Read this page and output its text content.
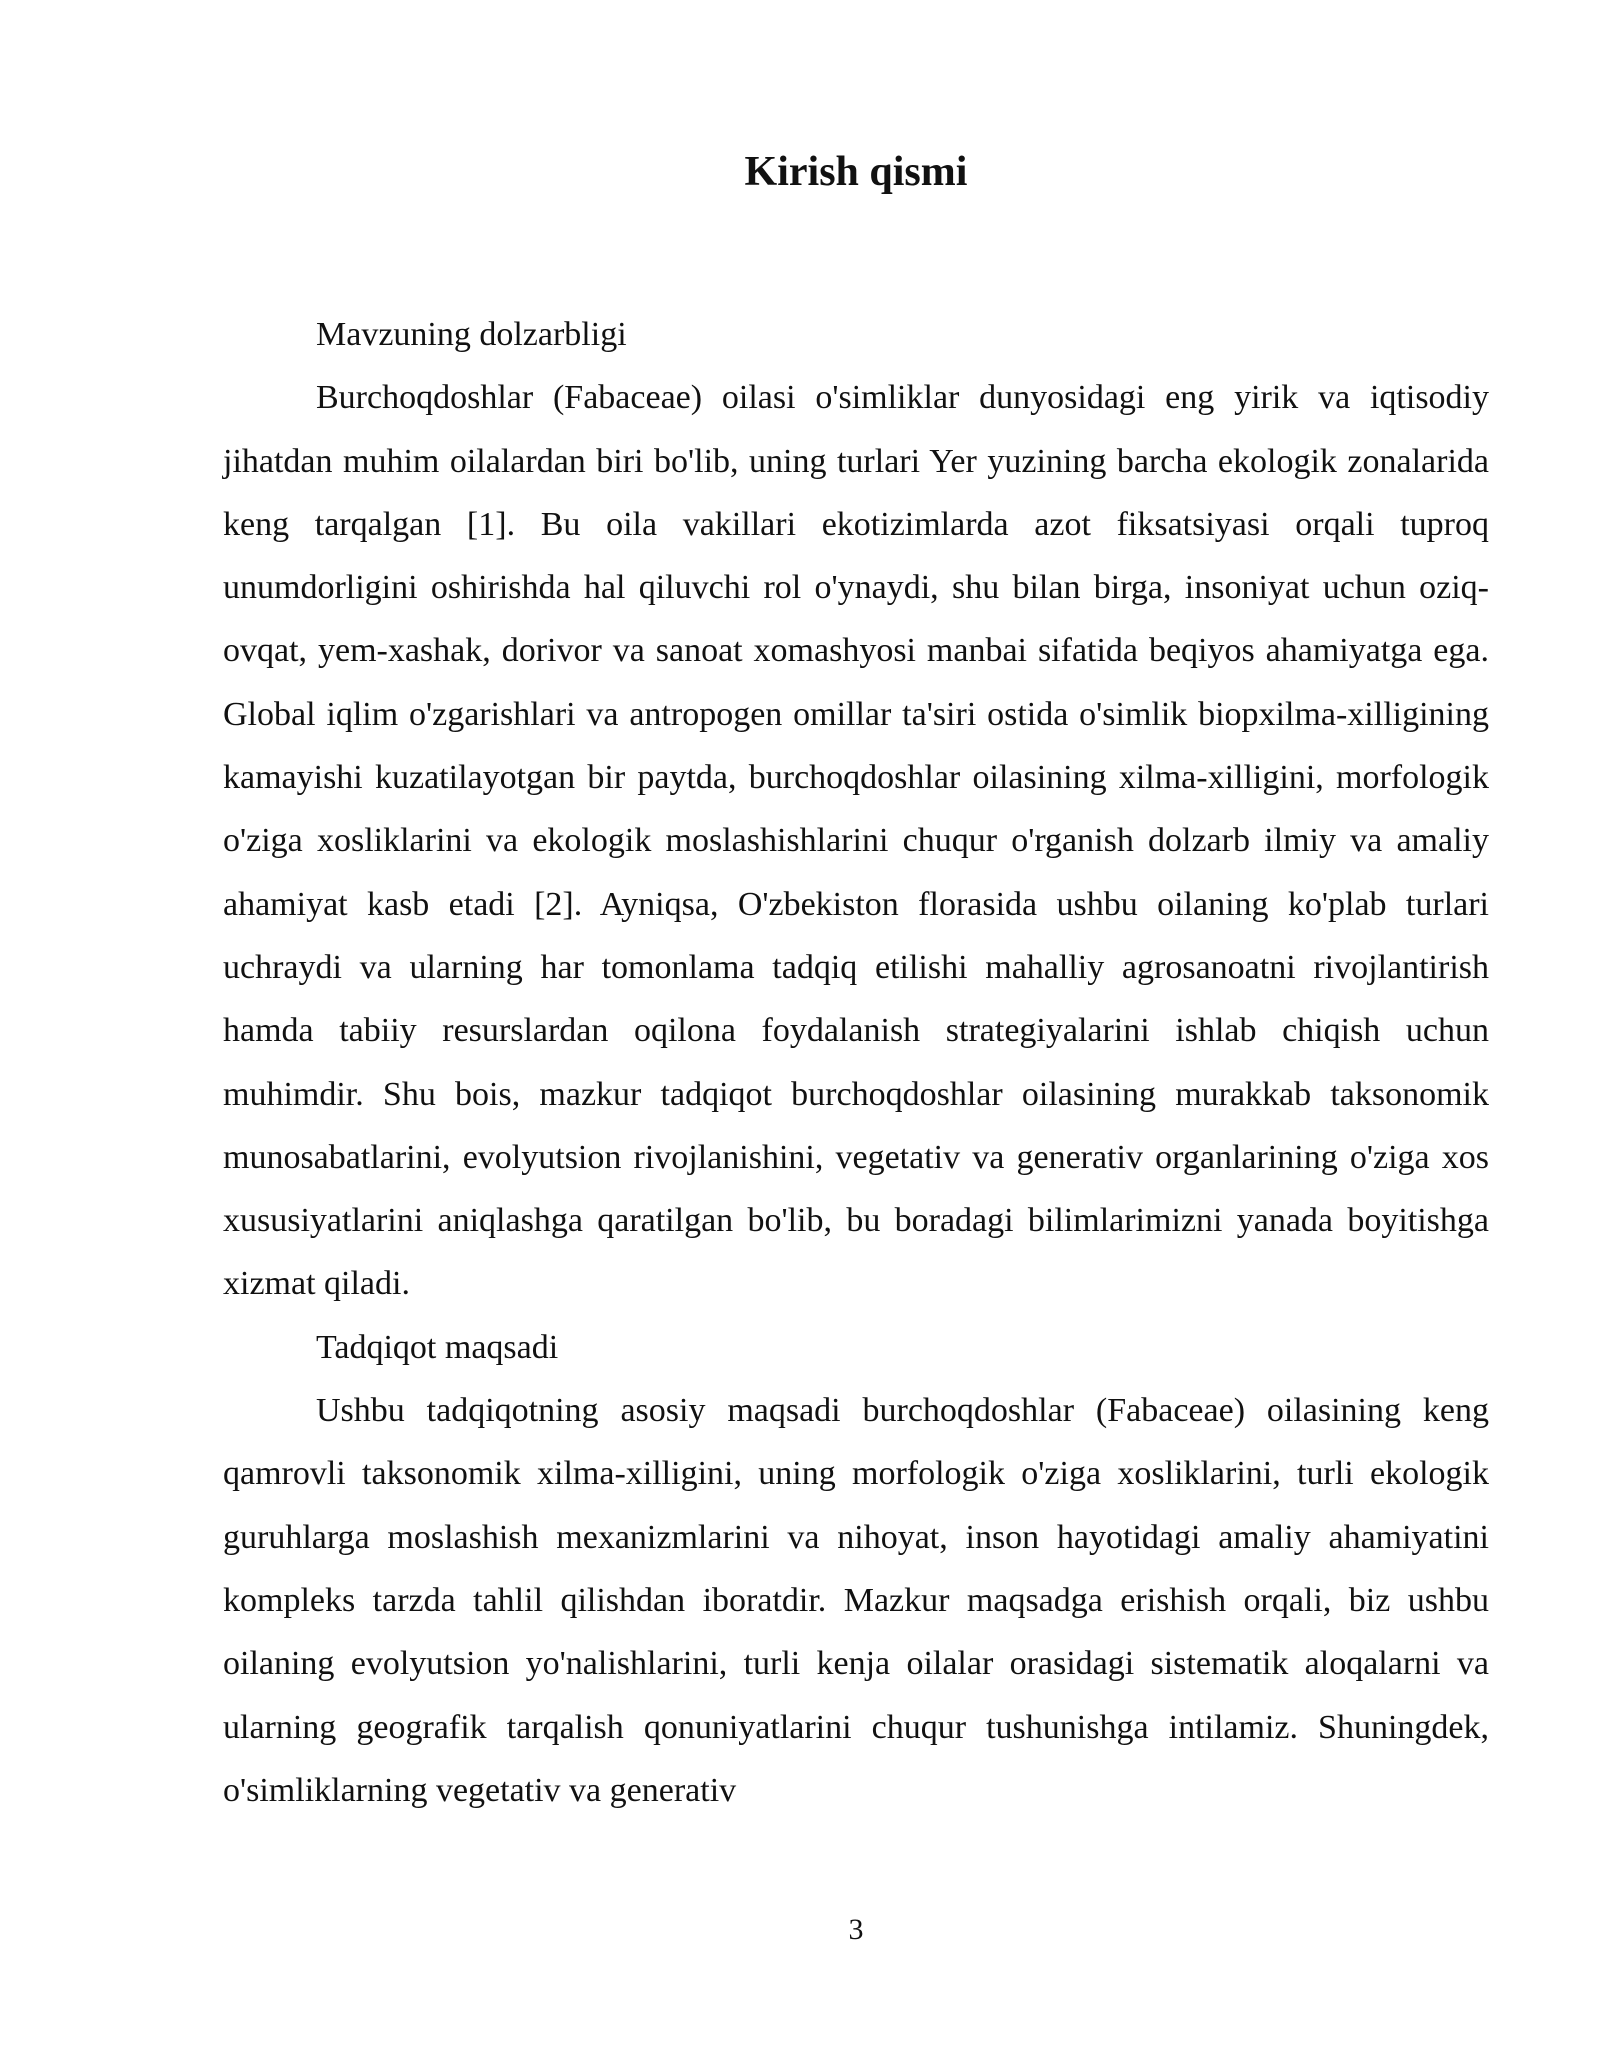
Kirish qismi

Mavzuning dolzarbligi

Burchoqdoshlar (Fabaceae) oilasi o'simliklar dunyosidagi eng yirik va iqtisodiy jihatdan muhim oilalardan biri bo'lib, uning turlari Yer yuzining barcha ekologik zonalarida keng tarqalgan [1]. Bu oila vakillari ekotizimlarda azot fiksatsiyasi orqali tuproq unumdorligini oshirishda hal qiluvchi rol o'ynaydi, shu bilan birga, insoniyat uchun oziq-ovqat, yem-xashak, dorivor va sanoat xomashyosi manbai sifatida beqiyos ahamiyatga ega. Global iqlim o'zgarishlari va antropogen omillar ta'siri ostida o'simlik biopxilma-xilligining kamayishi kuzatilayotgan bir paytda, burchoqdoshlar oilasining xilma-xilligini, morfologik o'ziga xosliklarini va ekologik moslashishlarini chuqur o'rganish dolzarb ilmiy va amaliy ahamiyat kasb etadi [2]. Ayniqsa, O'zbekiston florasida ushbu oilaning ko'plab turlari uchraydi va ularning har tomonlama tadqiq etilishi mahalliy agrosanoatni rivojlantirish hamda tabiiy resurslardan oqilona foydalanish strategiyalarini ishlab chiqish uchun muhimdir. Shu bois, mazkur tadqiqot burchoqdoshlar oilasining murakkab taksonomik munosabatlarini, evolyutsion rivojlanishini, vegetativ va generativ organlarining o'ziga xos xususiyatlarini aniqlashga qaratilgan bo'lib, bu boradagi bilimlarimizni yanada boyitishga xizmat qiladi.

Tadqiqot maqsadi

Ushbu tadqiqotning asosiy maqsadi burchoqdoshlar (Fabaceae) oilasining keng qamrovli taksonomik xilma-xilligini, uning morfologik o'ziga xosliklarini, turli ekologik guruhlarga moslashish mexanizmlarini va nihoyat, inson hayotidagi amaliy ahamiyatini kompleks tarzda tahlil qilishdan iboratdir. Mazkur maqsadga erishish orqali, biz ushbu oilaning evolyutsion yo'nalishlarini, turli kenja oilalar orasidagi sistematik aloqalarni va ularning geografik tarqalish qonuniyatlarini chuqur tushunishga intilamiz. Shuningdek, o'simliklarning vegetativ va generativ

3
